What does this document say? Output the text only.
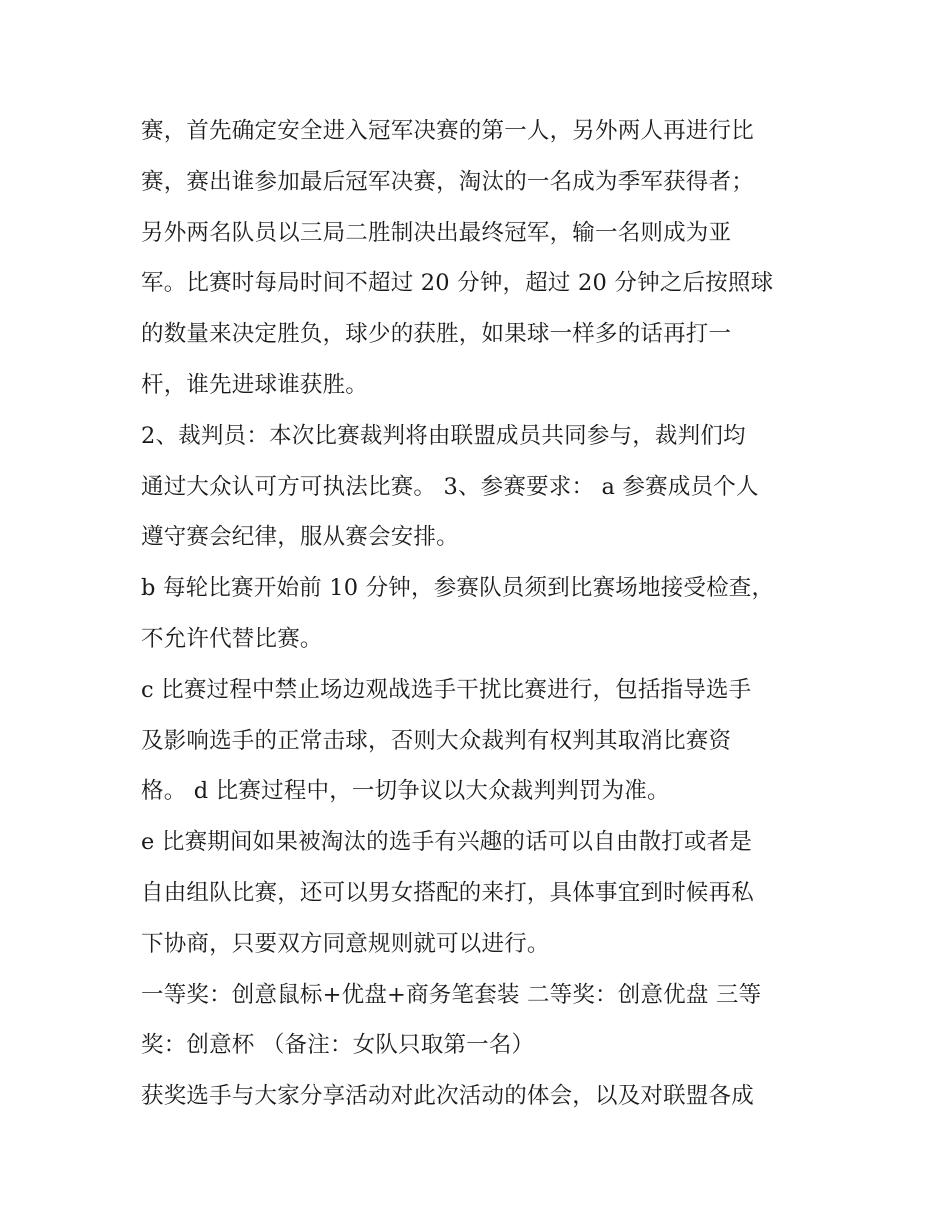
赛，首先确定安全进入冠军决赛的第一人，另外两人再进行比
赛，赛出谁参加最后冠军决赛，淘汰的一名成为季军获得者；
另外两名队员以三局二胜制决出最终冠军，输一名则成为亚
军。比赛时每局时间不超过 20 分钟，超过 20 分钟之后按照球
的数量来决定胜负，球少的获胜，如果球一样多的话再打一
杆，谁先进球谁获胜。
2、裁判员：本次比赛裁判将由联盟成员共同参与，裁判们均
通过大众认可方可执法比赛。 3、参赛要求： a 参赛成员个人
遵守赛会纪律，服从赛会安排。
b 每轮比赛开始前 10 分钟，参赛队员须到比赛场地接受检查，
不允许代替比赛。
c 比赛过程中禁止场边观战选手干扰比赛进行，包括指导选手
及影响选手的正常击球，否则大众裁判有权判其取消比赛资
格。 d 比赛过程中，一切争议以大众裁判判罚为准。
e 比赛期间如果被淘汰的选手有兴趣的话可以自由散打或者是
自由组队比赛，还可以男女搭配的来打，具体事宜到时候再私
下协商，只要双方同意规则就可以进行。
一等奖：创意鼠标+优盘+商务笔套装 二等奖：创意优盘 三等
奖：创意杯 （备注：女队只取第一名）
获奖选手与大家分享活动对此次活动的体会，以及对联盟各成
